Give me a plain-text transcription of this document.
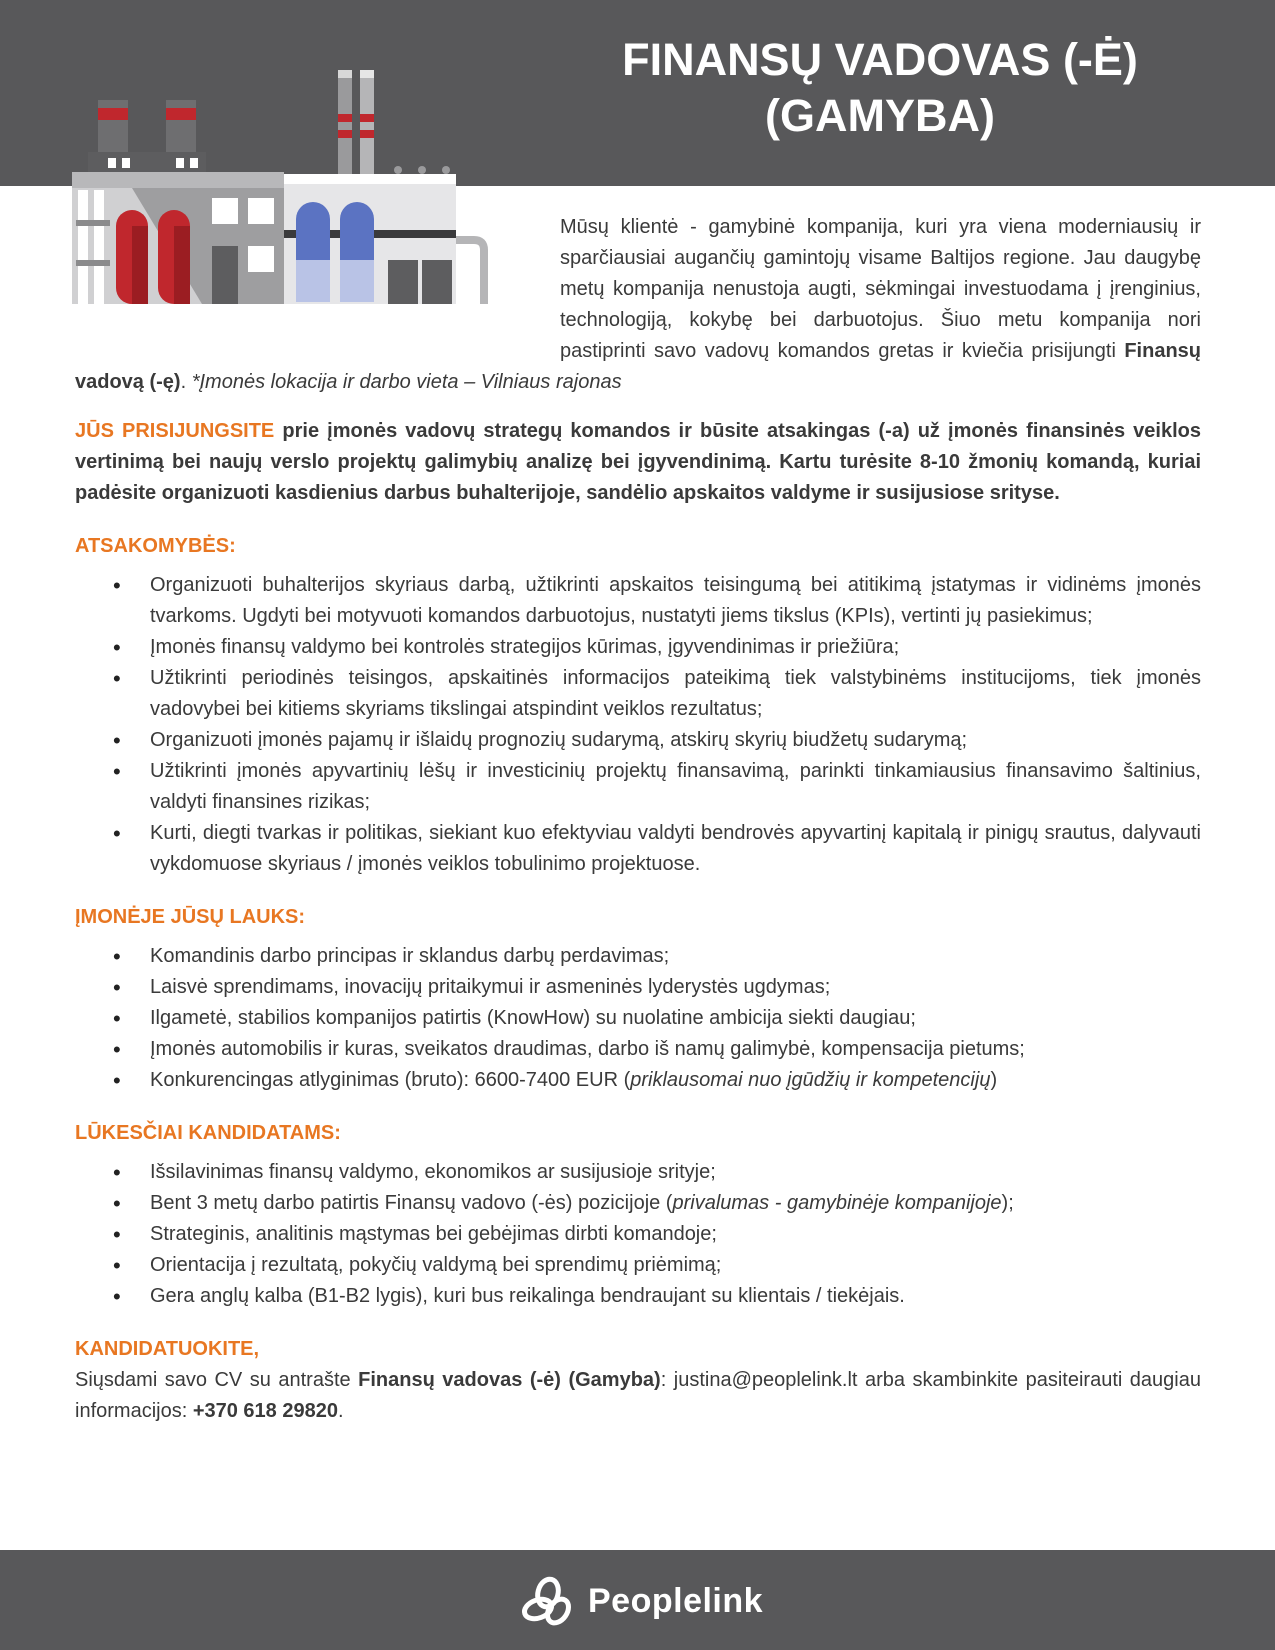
FINANSŲ VADOVAS (-Ė)
(GAMYBA)

Mūsų klientė - gamybinė kompanija, kuri yra viena moderniausių ir sparčiausiai augančių gamintojų visame Baltijos regione. Jau daugybę metų kompanija nenustoja augti, sėkmingai investuodama į įrenginius, technologiją, kokybę bei darbuotojus. Šiuo metu kompanija nori pastiprinti savo vadovų komandos gretas ir kviečia prisijungti Finansų vadovą (-ę). *Įmonės lokacija ir darbo vieta – Vilniaus rajonas

JŪS PRISIJUNGSITE prie įmonės vadovų strategų komandos ir būsite atsakingas (-a) už įmonės finansinės veiklos vertinimą bei naujų verslo projektų galimybių analizę bei įgyvendinimą. Kartu turėsite 8-10 žmonių komandą, kuriai padėsite organizuoti kasdienius darbus buhalterijoje, sandėlio apskaitos valdyme ir susijusiose srityse.

ATSAKOMYBĖS:
• Organizuoti buhalterijos skyriaus darbą, užtikrinti apskaitos teisingumą bei atitikimą įstatymas ir vidinėms įmonės tvarkoms. Ugdyti bei motyvuoti komandos darbuotojus, nustatyti jiems tikslus (KPIs), vertinti jų pasiekimus;
• Įmonės finansų valdymo bei kontrolės strategijos kūrimas, įgyvendinimas ir priežiūra;
• Užtikrinti periodinės teisingos, apskaitinės informacijos pateikimą tiek valstybinėms institucijoms, tiek įmonės vadovybei bei kitiems skyriams tikslingai atspindint veiklos rezultatus;
• Organizuoti įmonės pajamų ir išlaidų prognozių sudarymą, atskirų skyrių biudžetų sudarymą;
• Užtikrinti įmonės apyvartinių lėšų ir investicinių projektų finansavimą, parinkti tinkamiausius finansavimo šaltinius, valdyti finansines rizikas;
• Kurti, diegti tvarkas ir politikas, siekiant kuo efektyviau valdyti bendrovės apyvartinį kapitalą ir pinigų srautus, dalyvauti vykdomuose skyriaus / įmonės veiklos tobulinimo projektuose.
ĮMONĖJE JŪSŲ LAUKS:
• Komandinis darbo principas ir sklandus darbų perdavimas;
• Laisvė sprendimams, inovacijų pritaikymui ir asmeninės lyderystės ugdymas;
• Ilgametė, stabilios kompanijos patirtis (KnowHow) su nuolatine ambicija siekti daugiau;
• Įmonės automobilis ir kuras, sveikatos draudimas, darbo iš namų galimybė, kompensacija pietums;
• Konkurencingas atlyginimas (bruto): 6600-7400 EUR (priklausomai nuo įgūdžių ir kompetencijų)
LŪKESČIAI KANDIDATAMS:
• Išsilavinimas finansų valdymo, ekonomikos ar susijusioje srityje;
• Bent 3 metų darbo patirtis Finansų vadovo (-ės) pozicijoje (privalumas - gamybinėje kompanijoje);
• Strateginis, analitinis mąstymas bei gebėjimas dirbti komandoje;
• Orientacija į rezultatą, pokyčių valdymą bei sprendimų priėmimą;
• Gera anglų kalba (B1-B2 lygis), kuri bus reikalinga bendraujant su klientais / tiekėjais.
KANDIDATUOKITE,

Siųsdami savo CV su antrašte Finansų vadovas (-ė) (Gamyba): justina@peoplelink.lt arba skambinkite pasiteirauti daugiau informacijos: +370 618 29820.

Peoplelink
